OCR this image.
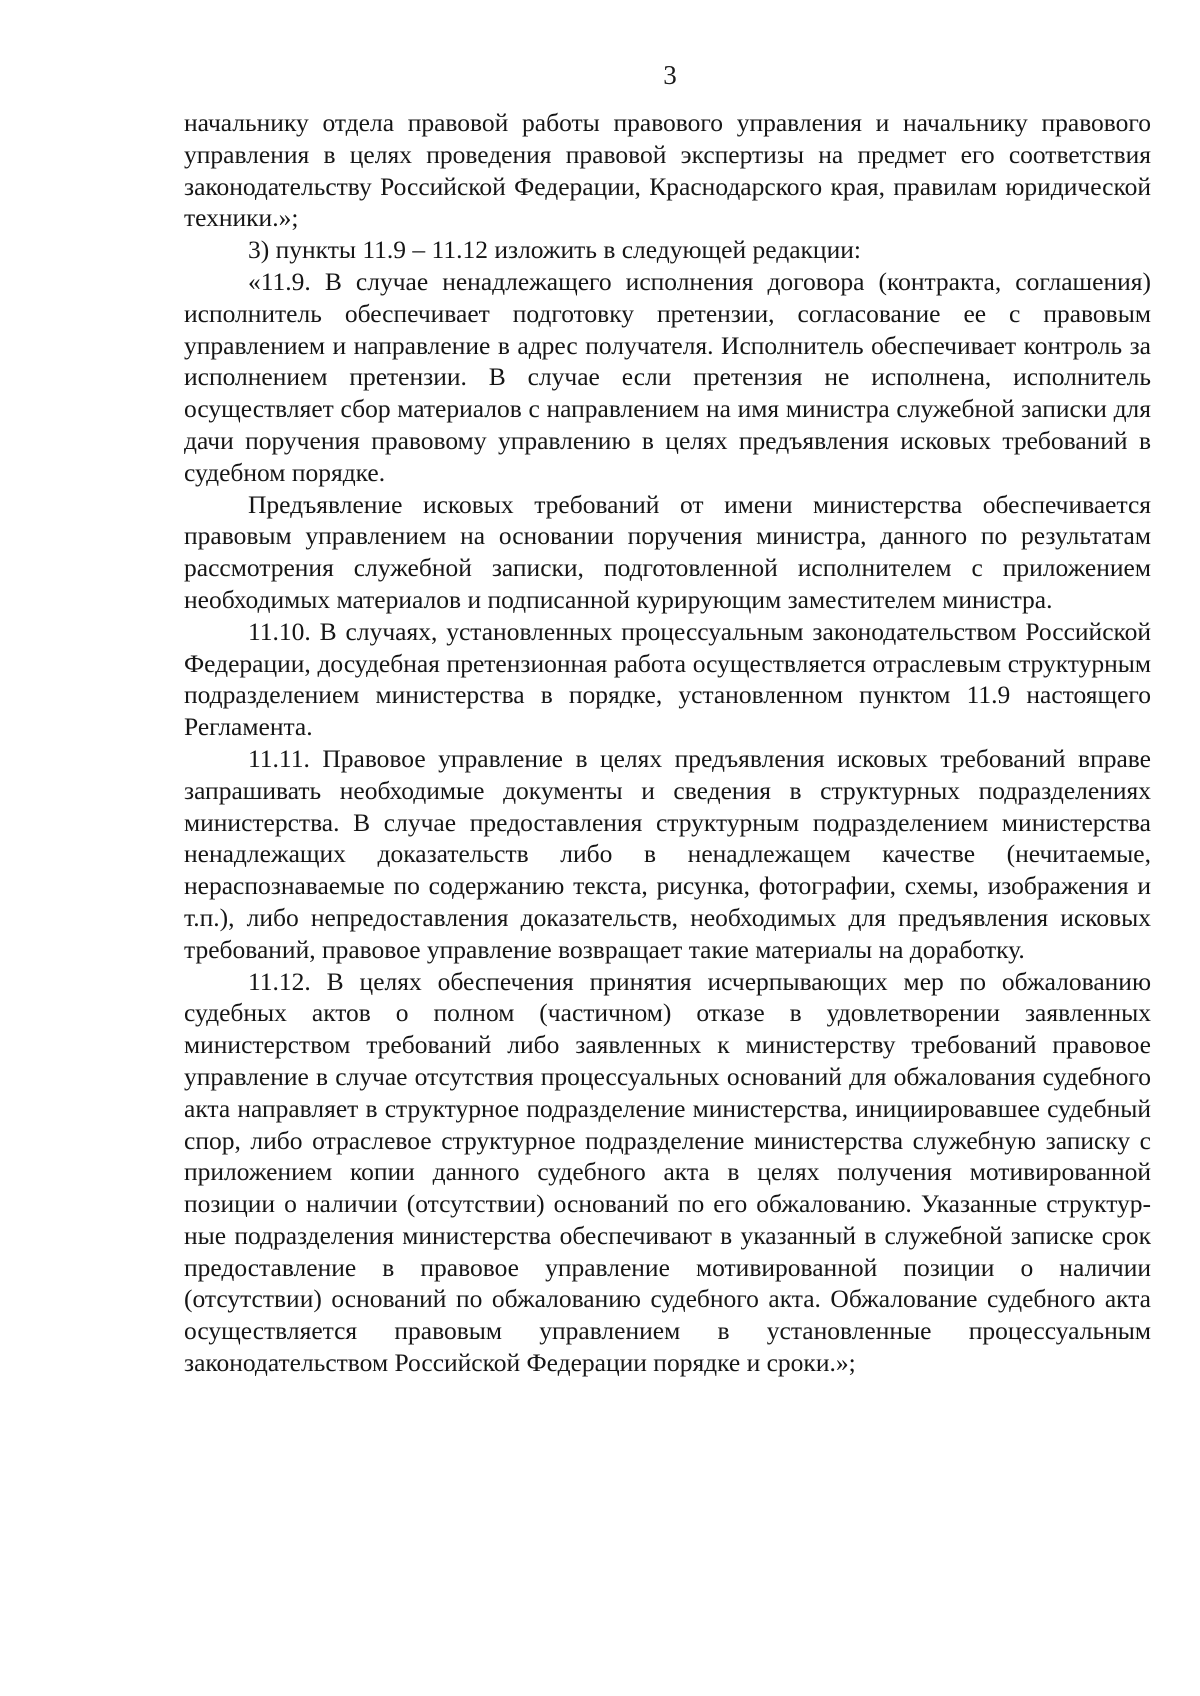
3

начальнику отдела правовой работы правового управления и начальнику правового управления в целях проведения правовой экспертизы на предмет его соответствия законодательству Российской Федерации, Краснодарского края, правилам юридической техники.»;

3) пункты 11.9 – 11.12 изложить в следующей редакции:

«11.9. В случае ненадлежащего исполнения договора (контракта, соглашения) исполнитель обеспечивает подготовку претензии, согласование ее с правовым управлением и направление в адрес получателя. Исполнитель обеспечивает контроль за исполнением претензии. В случае если претензия не исполнена, исполнитель осуществляет сбор материалов с направлением на имя министра служебной записки для дачи поручения правовому управлению в целях предъявления исковых требований в судебном порядке.

Предъявление исковых требований от имени министерства обеспечивается правовым управлением на основании поручения министра, данного по результатам рассмотрения служебной записки, подготовленной исполнителем с приложением необходимых материалов и подписанной курирующим заместителем министра.

11.10. В случаях, установленных процессуальным законодательством Российской Федерации, досудебная претензионная работа осуществляется отраслевым структурным подразделением министерства в порядке, установленном пунктом 11.9 настоящего Регламента.

11.11. Правовое управление в целях предъявления исковых требований вправе запрашивать необходимые документы и сведения в структурных подразделениях министерства. В случае предоставления структурным подразделением министерства ненадлежащих доказательств либо в ненадлежащем качестве (нечитаемые, нераспознаваемые по содержанию текста, рисунка, фотографии, схемы, изображения и т.п.), либо непредоставления доказательств, необходимых для предъявления исковых требований, правовое управление возвращает такие материалы на доработку.

11.12. В целях обеспечения принятия исчерпывающих мер по обжалованию судебных актов о полном (частичном) отказе в удовлетворении заявленных министерством требований либо заявленных к министерству требований правовое управление в случае отсутствия процессуальных оснований для обжалования судебного акта направляет в структурное подразделение министерства, инициировавшее судебный спор, либо отраслевое структурное подразделение министерства служебную записку с приложением копии данного судебного акта в целях получения мотивированной позиции о наличии (отсутствии) оснований по его обжалованию. Указанные структурные подразделения министерства обеспечивают в указанный в служебной записке срок предоставление в правовое управление мотивированной позиции о наличии (отсутствии) оснований по обжалованию судебного акта. Обжалование судебного акта осуществляется правовым управлением в установленные процессуальным законодательством Российской Федерации порядке и сроки.»;
